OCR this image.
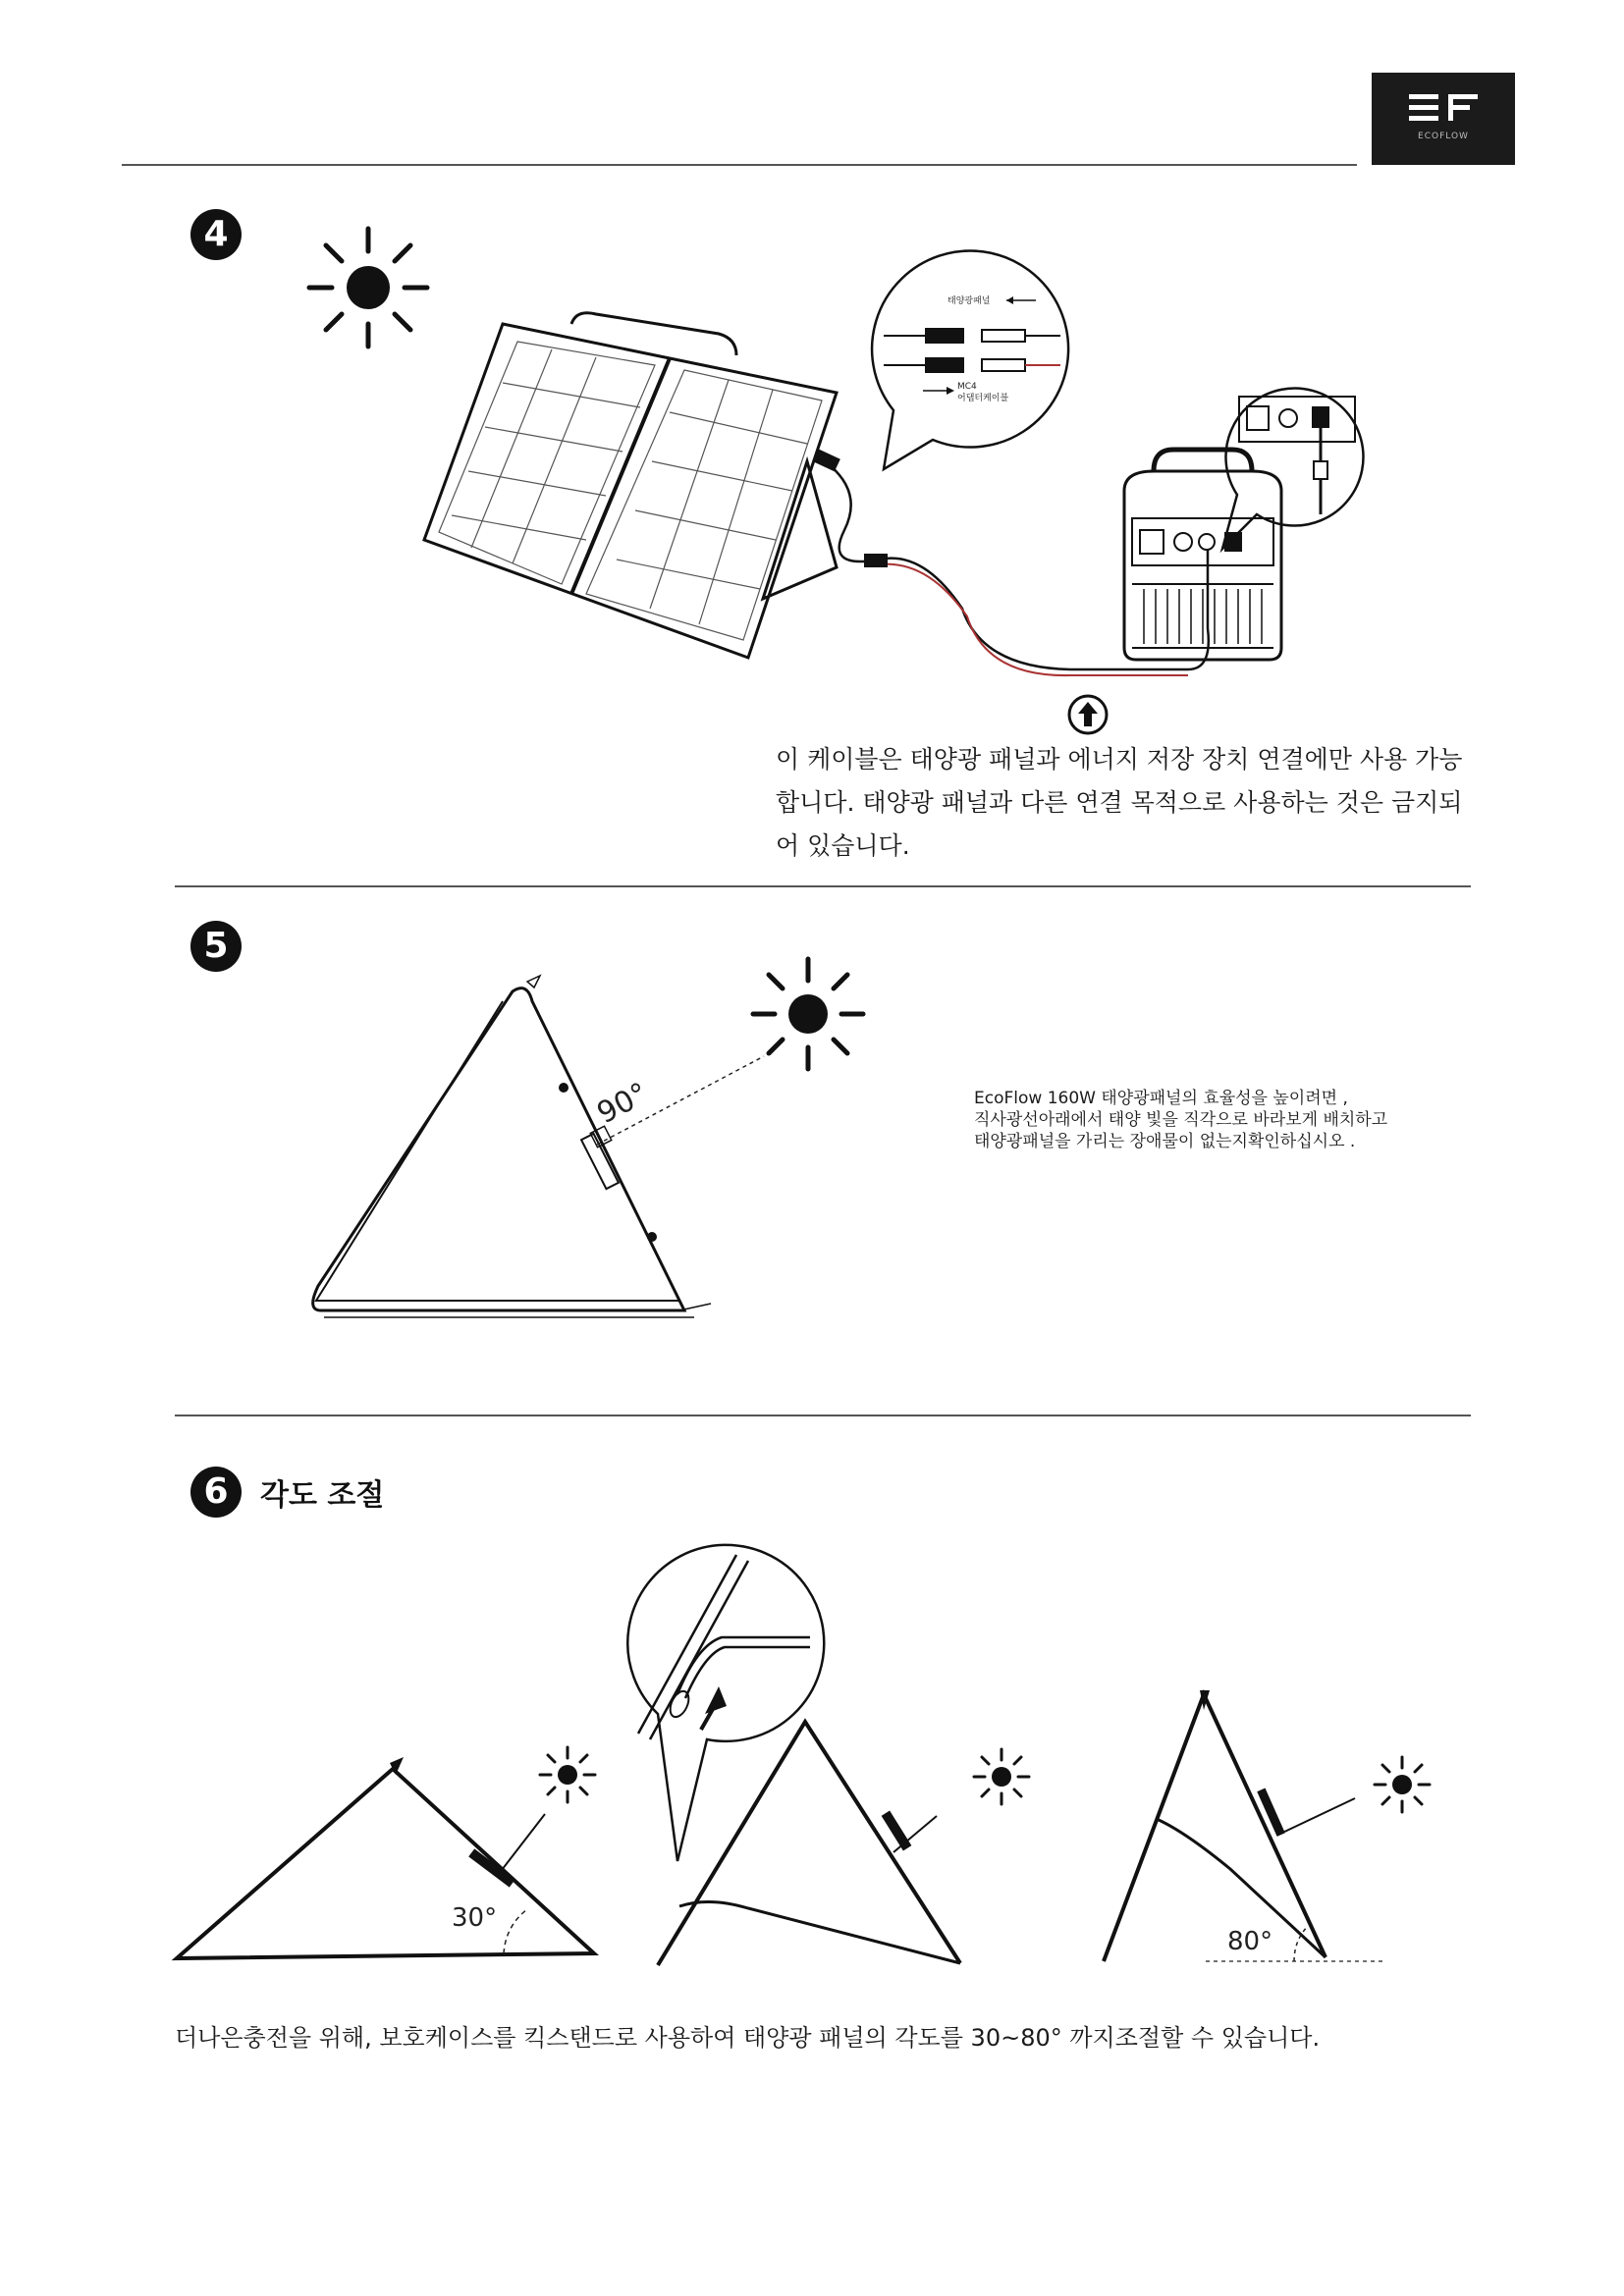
ECOFLOW
4
태양광패널
MC4
어댑터케이블
이 케이블은 태양광 패널과 에너지 저장 장치 연결에만 사용 가능
합니다. 태양광 패널과 다른 연결 목적으로 사용하는 것은 금지되
어 있습니다.
5
90°	EcoFlow 160W 태양광패널의 효율성을 높이려면 ,
직사광선아래에서 태양 빛을 직각으로 바라보게 배치하고
태양광패널을 가리는 장애물이 없는지확인하십시오 .
6	각도 조절
30°
80°
더나은충전을 위해, 보호케이스를 킥스탠드로 사용하여 태양광 패널의 각도를 30~80° 까지조절할 수 있습니다.
